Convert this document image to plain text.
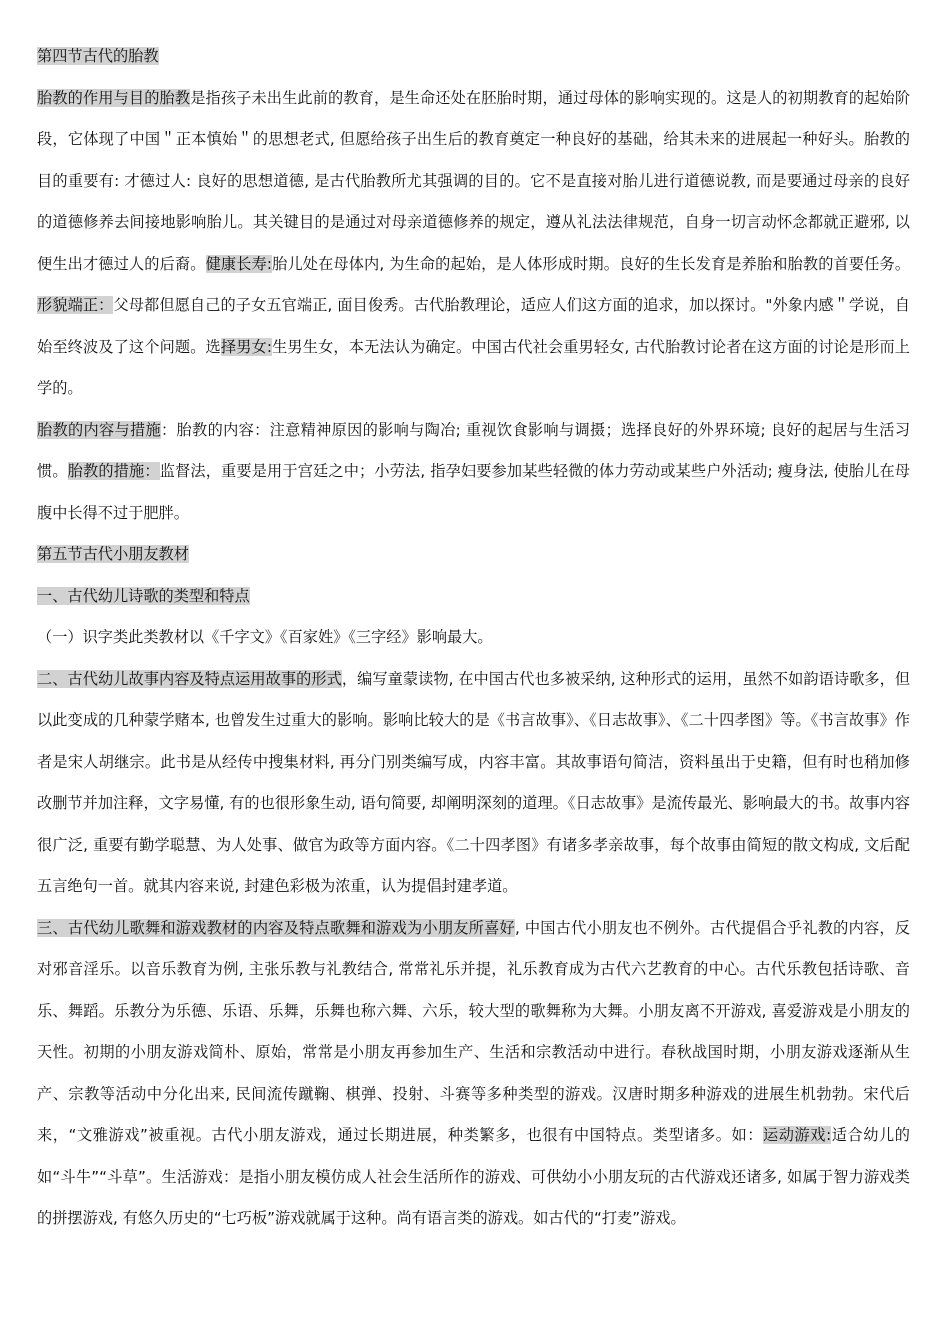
第四节古代的胎教

胎教的作用与目的胎教是指孩子未出生此前的教育，是生命还处在胚胎时期，通过母体的影响实现的。这是人的初期教育的起始阶段，它体现了中国＂正本慎始＂的思想老式, 但愿给孩子出生后的教育奠定一种良好的基础，给其未来的进展起一种好头。胎教的目的重要有: 才德过人: 良好的思想道德, 是古代胎教所尤其强调的目的。它不是直接对胎儿进行道德说教, 而是要通过母亲的良好的道德修养去间接地影响胎儿。其关键目的是通过对母亲道德修养的规定，遵从礼法法律规范，自身一切言动怀念都就正避邪, 以便生出才德过人的后裔。健康长寿:胎儿处在母体内, 为生命的起始，是人体形成时期。良好的生长发育是养胎和胎教的首要任务。形貌端正：父母都但愿自己的子女五官端正, 面目俊秀。古代胎教理论，适应人们这方面的追求，加以探讨。"外象内感＂学说，自始至终波及了这个问题。选择男女:生男生女，本无法认为确定。中国古代社会重男轻女, 古代胎教讨论者在这方面的讨论是形而上学的。

胎教的内容与措施：胎教的内容：注意精神原因的影响与陶冶; 重视饮食影响与调摄；选择良好的外界环境; 良好的起居与生活习惯。胎教的措施：监督法，重要是用于宫廷之中；小劳法, 指孕妇要参加某些轻微的体力劳动或某些户外活动; 瘦身法, 使胎儿在母腹中长得不过于肥胖。

第五节古代小朋友教材

一、古代幼儿诗歌的类型和特点

（一）识字类此类教材以《千字文》《百家姓》《三字经》影响最大。

二、古代幼儿故事内容及特点运用故事的形式，编写童蒙读物, 在中国古代也多被采纳, 这种形式的运用，虽然不如韵语诗歌多，但以此变成的几种蒙学赌本, 也曾发生过重大的影响。影响比较大的是《书言故事》、《日志故事》、《二十四孝图》等。《书言故事》作者是宋人胡继宗。此书是从经传中搜集材料, 再分门别类编写成，内容丰富。其故事语句简洁，资料虽出于史籍，但有时也稍加修改删节并加注释，文字易懂, 有的也很形象生动, 语句简要, 却阐明深刻的道理。《日志故事》是流传最光、影响最大的书。故事内容很广泛, 重要有勤学聪慧、为人处事、做官为政等方面内容。《二十四孝图》有诸多孝亲故事，每个故事由简短的散文构成, 文后配五言绝句一首。就其内容来说, 封建色彩极为浓重，认为提倡封建孝道。

三、古代幼儿歌舞和游戏教材的内容及特点歌舞和游戏为小朋友所喜好, 中国古代小朋友也不例外。古代提倡合乎礼教的内容，反对邪音淫乐。以音乐教育为例, 主张乐教与礼教结合, 常常礼乐并提，礼乐教育成为古代六艺教育的中心。古代乐教包括诗歌、音乐、舞蹈。乐教分为乐德、乐语、乐舞，乐舞也称六舞、六乐，较大型的歌舞称为大舞。小朋友离不开游戏, 喜爱游戏是小朋友的天性。初期的小朋友游戏简朴、原始，常常是小朋友再参加生产、生活和宗教活动中进行。春秋战国时期，小朋友游戏逐渐从生产、宗教等活动中分化出来, 民间流传蹴鞠、棋弹、投射、斗赛等多种类型的游戏。汉唐时期多种游戏的进展生机勃勃。宋代后来，“文雅游戏”被重视。古代小朋友游戏，通过长期进展，种类繁多，也很有中国特点。类型诸多。如：运动游戏:适合幼儿的如“斗牛”“斗草”。生活游戏：是指小朋友模仿成人社会生活所作的游戏、可供幼小小朋友玩的古代游戏还诸多, 如属于智力游戏类的拼摆游戏, 有悠久历史的“七巧板”游戏就属于这种。尚有语言类的游戏。如古代的“打麦”游戏。
